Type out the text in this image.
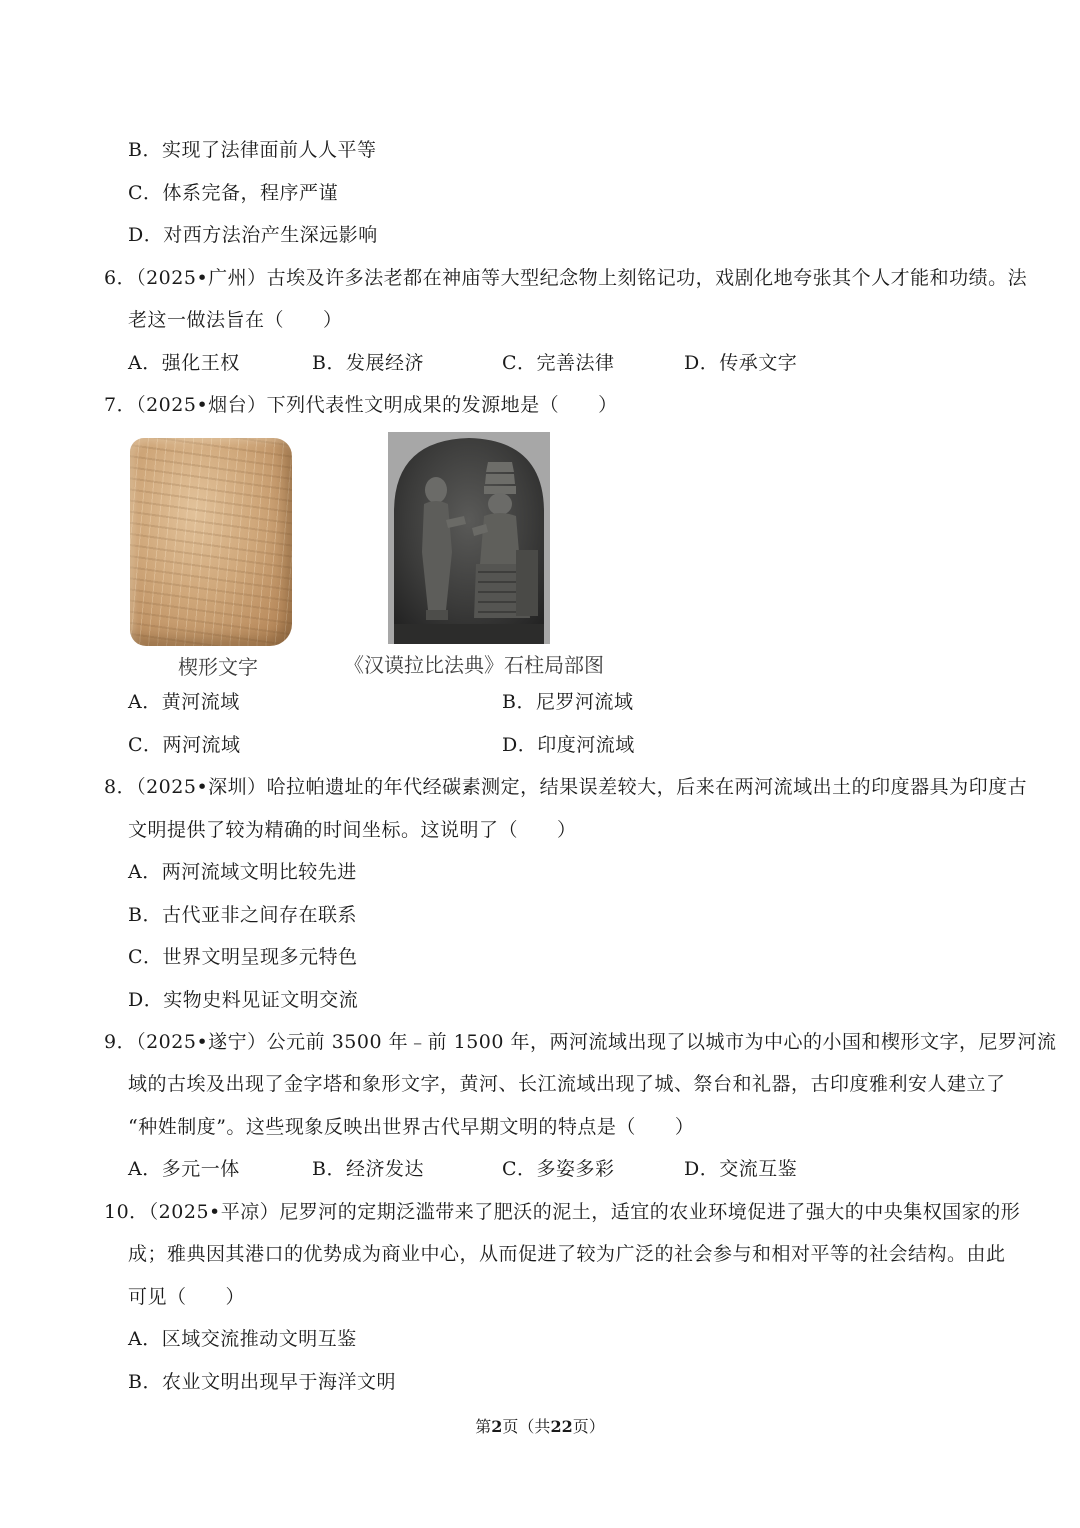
B．实现了法律面前人人平等
C．体系完备，程序严谨
D．对西方法治产生深远影响
6．（2025•广州）古埃及许多法老都在神庙等大型纪念物上刻铭记功，戏剧化地夸张其个人才能和功绩。法
老这一做法旨在（　　）
A．强化王权	B．发展经济	C．完善法律	D．传承文字
7．（2025•烟台）下列代表性文明成果的发源地是（　　）
楔形文字	《汉谟拉比法典》石柱局部图
A．黄河流域	B．尼罗河流域
C．两河流域	D．印度河流域
8．（2025•深圳）哈拉帕遗址的年代经碳素测定，结果误差较大，后来在两河流域出土的印度器具为印度古
文明提供了较为精确的时间坐标。这说明了（　　）
A．两河流域文明比较先进
B．古代亚非之间存在联系
C．世界文明呈现多元特色
D．实物史料见证文明交流
9．（2025•遂宁）公元前 3500 年﹣前 1500 年，两河流域出现了以城市为中心的小国和楔形文字，尼罗河流
域的古埃及出现了金字塔和象形文字，黄河、长江流域出现了城、祭台和礼器，古印度雅利安人建立了
“种姓制度”。这些现象反映出世界古代早期文明的特点是（　　）
A．多元一体	B．经济发达	C．多姿多彩	D．交流互鉴
10．（2025•平凉）尼罗河的定期泛滥带来了肥沃的泥土，适宜的农业环境促进了强大的中央集权国家的形
成；雅典因其港口的优势成为商业中心，从而促进了较为广泛的社会参与和相对平等的社会结构。由此
可见（　　）
A．区域交流推动文明互鉴
B．农业文明出现早于海洋文明
第2页（共22页）
